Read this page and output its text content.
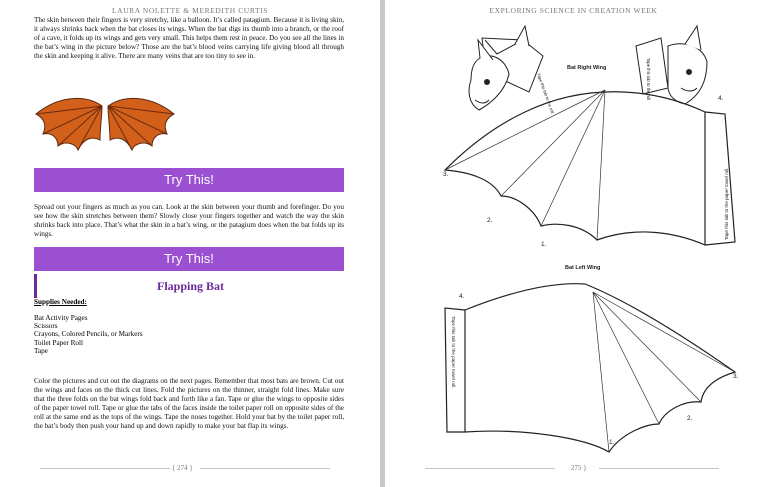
LAURA NOLETTE & MEREDITH CURTIS

The skin between their fingers is very stretchy, like a balloon. It’s called patagium. Because it is living skin, it always shrinks back when the bat closes its wings. When the bat digs its thumb into a branch, or the roof of a cave, it folds up its wings and gets very small. This helps them rest in peace. Do you see all the lines in the bat’s wing in the picture below? Those are the bat’s blood veins carrying life giving blood all through the skin and keeping it alive. There are many veins that are too tiny to see in.

Try This!

Spread out your fingers as much as you can. Look at the skin between your thumb and forefinger. Do you see how the skin stretches between them? Slowly close your fingers together and watch the way the skin shrinks back into place. That’s what the skin in a bat’s wing, or the patagium does when the bat folds up its wings.

Try This!
Flapping Bat
Supplies Needed:
Bat Activity Pages
Scissors
Crayons, Colored Pencils, or Markers
Toilet Paper Roll
Tape

Color the pictures and cut out the diagrams on the next pages. Remember that most bats are brown. Cut out the wings and faces on the thick cut lines. Fold the pictures on the thinner, straight fold lines. Make sure that the three folds on the bat wings fold back and forth like a fan. Tape or glue the wings to opposite sides of the paper towel roll. Tape or glue the tabs of the faces inside the toilet paper roll on opposite sides of the roll at the same end as the tops of the wings. Tape the noses together. Hold your bat by the toilet paper roll, the bat’s body then push your hand up and down rapidly to make your bat flap its wings.

{ 274 }
EXPLORING SCIENCE IN CREATION WEEK
Tape this tab to the roll	Tape this tab to the roll
Bat Right Wing
3.
2.
1.
4.
Tape this tab to the paper towel roll.
Bat Left Wing
4.
3.
2.
1.
Tape this tab to the paper towel roll.
275 }
